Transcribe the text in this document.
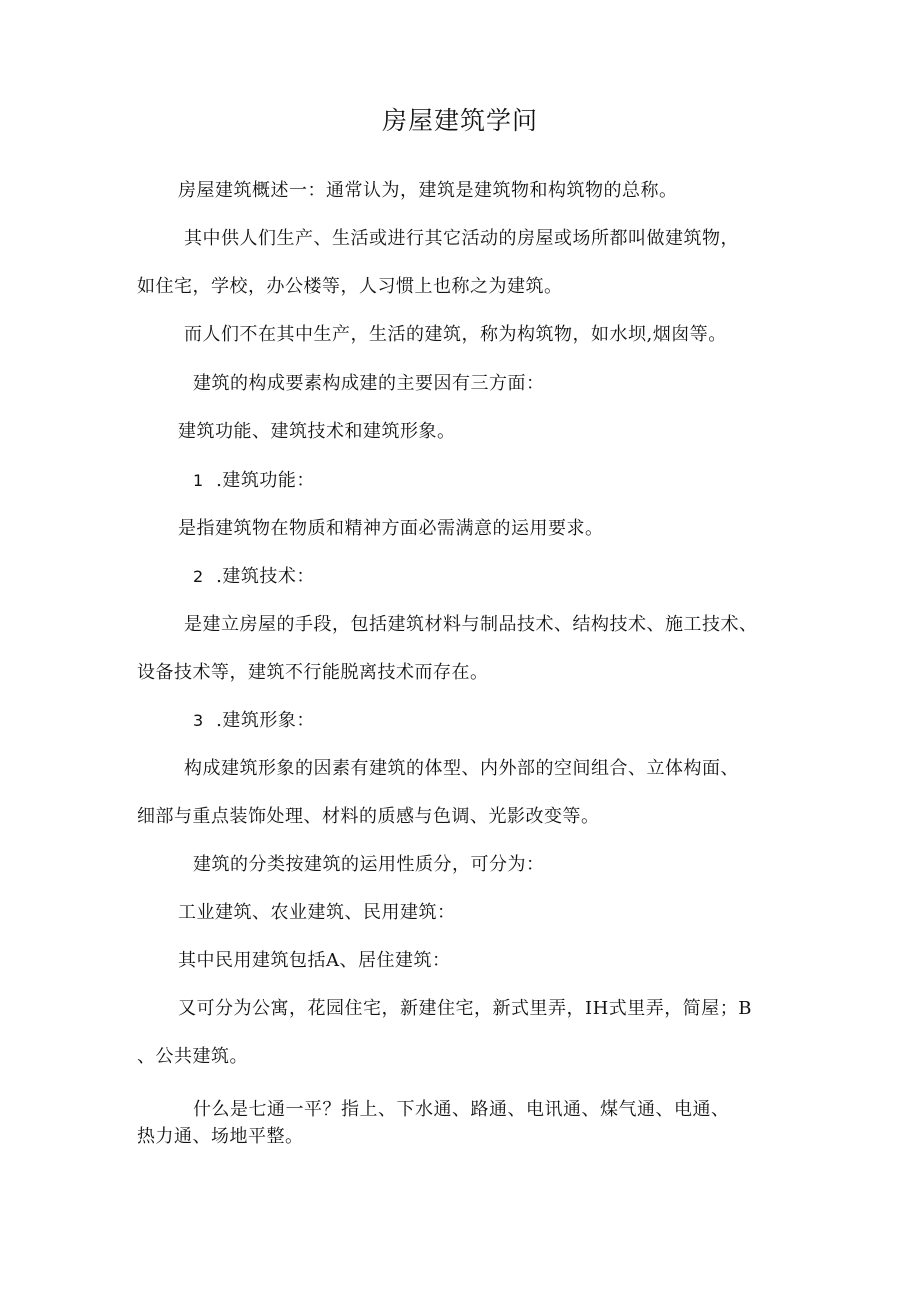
房屋建筑学问

房屋建筑概述一：通常认为，建筑是建筑物和构筑物的总称。

其中供人们生产、生活或进行其它活动的房屋或场所都叫做建筑物，

如住宅，学校，办公楼等，人习惯上也称之为建筑。

而人们不在其中生产，生活的建筑，称为构筑物，如水坝,烟囱等。

建筑的构成要素构成建的主要因有三方面：

建筑功能、建筑技术和建筑形象。

1 .建筑功能：

是指建筑物在物质和精神方面必需满意的运用要求。

2 .建筑技术：

是建立房屋的手段，包括建筑材料与制品技术、结构技术、施工技术、

设备技术等，建筑不行能脱离技术而存在。

3 .建筑形象：

构成建筑形象的因素有建筑的体型、内外部的空间组合、立体构面、

细部与重点装饰处理、材料的质感与色调、光影改变等。

建筑的分类按建筑的运用性质分，可分为：

工业建筑、农业建筑、民用建筑：

其中民用建筑包括A、居住建筑：

又可分为公寓，花园住宅，新建住宅，新式里弄，IH式里弄，简屋；B

、公共建筑。

什么是七通一平？指上、下水通、路通、电讯通、煤气通、电通、

热力通、场地平整。
